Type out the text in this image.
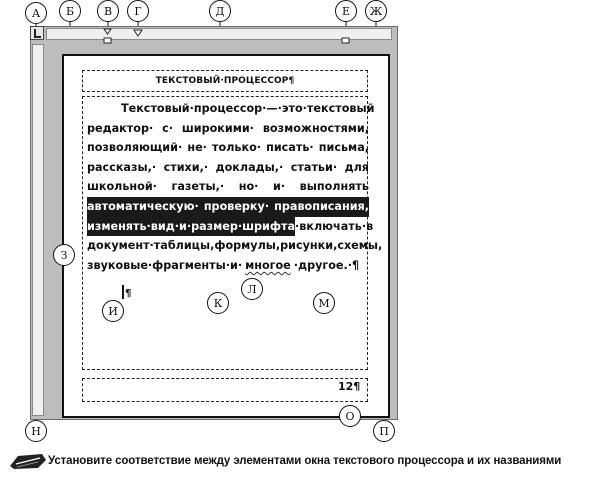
ТЕКСТОВЫЙ·ПРОЦЕССОР¶
Текстовый· процессор· —· это· текстовый
редактор· с· широкими· возможностями,
позволяющий· не· только· писать· письма,
рассказы,· стихи,· доклады,· статьи· для
школьной· газеты,· но· и· выполнять
автоматическую· проверку· правописания,
изменять·вид·и·размер·шрифта · включать· в
документ·таблицы, формулы, рисунки, схемы,
звуковые·фрагменты·и· многое ·другое.·¶
¶
12¶
А	Б	В	Г	Д	Е	Ж
З
И
К
Л
М
Н
О
П
Установите соответствие между элементами окна текстового процессора и их названиями
